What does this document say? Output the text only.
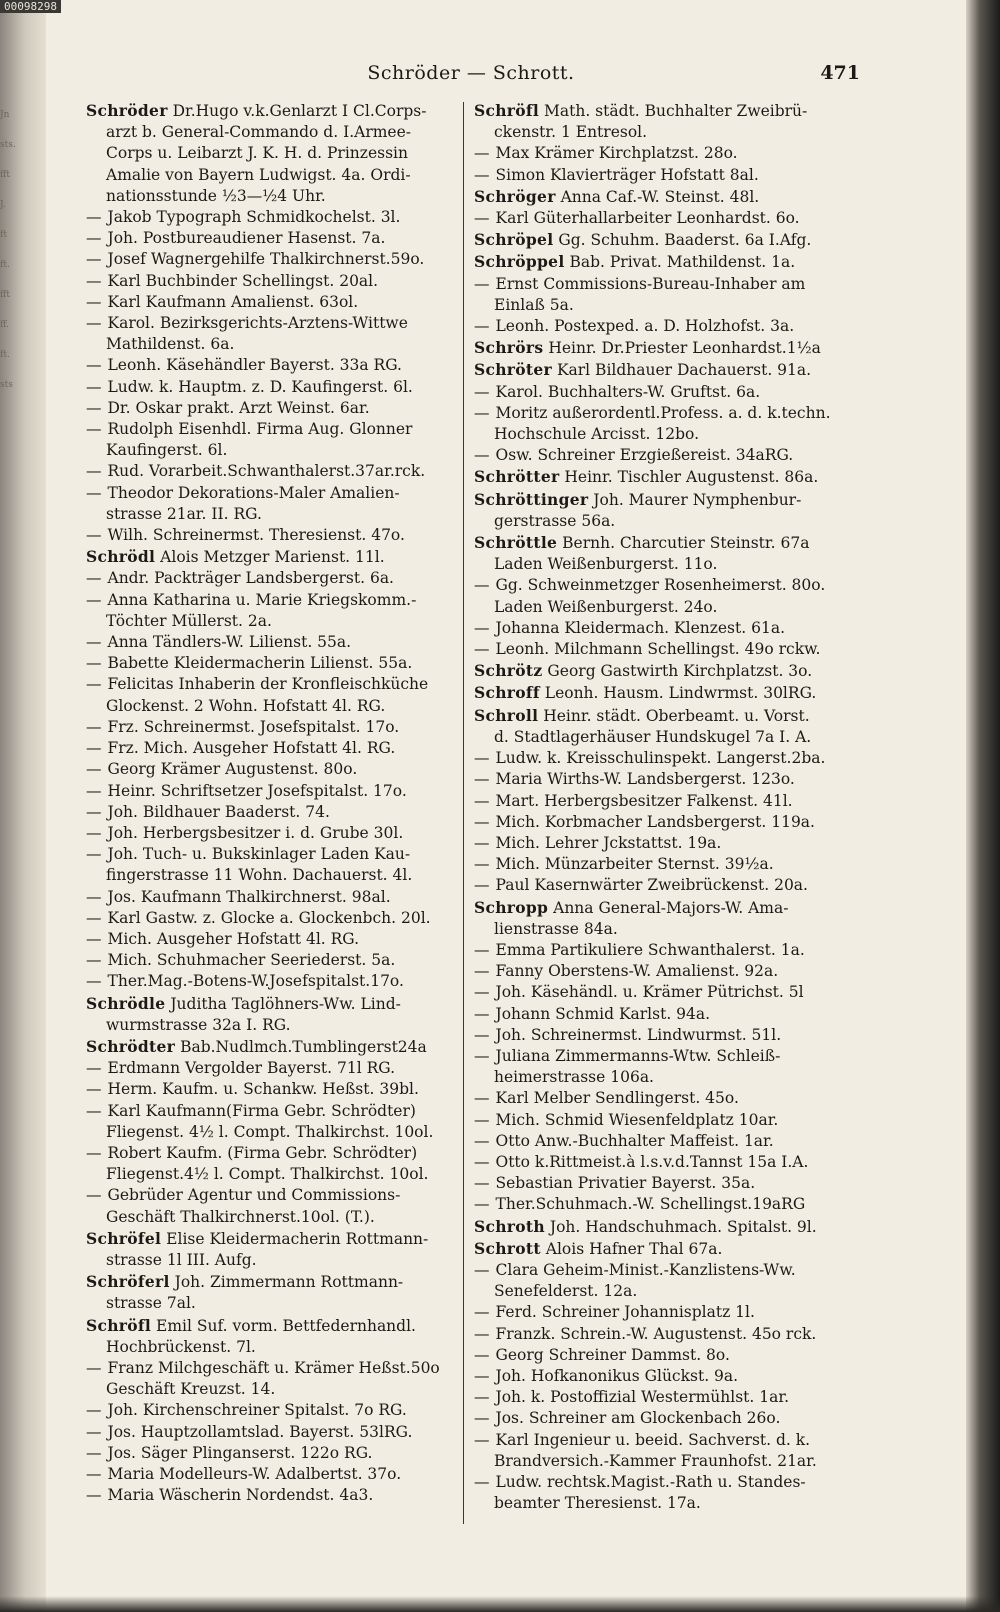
00098298
Jn
sts.
fft
J.
ft
ft.
fft
ff.
ft.
sts
Schröder — Schrott.	471
Schröder Dr.Hugo v.k.Genlarzt I Cl.Corps-
arzt b. General-Commando d. I.Armee-
Corps u. Leibarzt J. K. H. d. Prinzessin
Amalie von Bayern Ludwigst. 4a. Ordi-
nationsstunde ½3—½4 Uhr.
— Jakob Typograph Schmidkochelst. 3l.
— Joh. Postbureaudiener Hasenst. 7a.
— Josef Wagnergehilfe Thalkirchnerst.59o.
— Karl Buchbinder Schellingst. 20al.
— Karl Kaufmann Amalienst. 63ol.
— Karol. Bezirksgerichts-Arztens-Wittwe
Mathildenst. 6a.
— Leonh. Käsehändler Bayerst. 33a RG.
— Ludw. k. Hauptm. z. D. Kaufingerst. 6l.
— Dr. Oskar prakt. Arzt Weinst. 6ar.
— Rudolph Eisenhdl. Firma Aug. Glonner
Kaufingerst. 6l.
— Rud. Vorarbeit.Schwanthalerst.37ar.rck.
— Theodor Dekorations-Maler Amalien-
strasse 21ar. II. RG.
— Wilh. Schreinermst. Theresienst. 47o.
Schrödl Alois Metzger Marienst. 11l.
— Andr. Packträger Landsbergerst. 6a.
— Anna Katharina u. Marie Kriegskomm.-
Töchter Müllerst. 2a.
— Anna Tändlers-W. Lilienst. 55a.
— Babette Kleidermacherin Lilienst. 55a.
— Felicitas Inhaberin der Kronfleischküche
Glockenst. 2 Wohn. Hofstatt 4l. RG.
— Frz. Schreinermst. Josefspitalst. 17o.
— Frz. Mich. Ausgeher Hofstatt 4l. RG.
— Georg Krämer Augustenst. 80o.
— Heinr. Schriftsetzer Josefspitalst. 17o.
— Joh. Bildhauer Baaderst. 74.
— Joh. Herbergsbesitzer i. d. Grube 30l.
— Joh. Tuch- u. Bukskinlager Laden Kau-
fingerstrasse 11 Wohn. Dachauerst. 4l.
— Jos. Kaufmann Thalkirchnerst. 98al.
— Karl Gastw. z. Glocke a. Glockenbch. 20l.
— Mich. Ausgeher Hofstatt 4l. RG.
— Mich. Schuhmacher Seeriederst. 5a.
— Ther.Mag.-Botens-W.Josefspitalst.17o.
Schrödle Juditha Taglöhners-Ww. Lind-
wurmstrasse 32a I. RG.
Schrödter Bab.Nudlmch.Tumblingerst24a
— Erdmann Vergolder Bayerst. 71l RG.
— Herm. Kaufm. u. Schankw. Heßst. 39bl.
— Karl Kaufmann(Firma Gebr. Schrödter)
Fliegenst. 4½ l. Compt. Thalkirchst. 10ol.
— Robert Kaufm. (Firma Gebr. Schrödter)
Fliegenst.4½ l. Compt. Thalkirchst. 10ol.
— Gebrüder Agentur und Commissions-
Geschäft Thalkirchnerst.10ol. (T.).
Schröfel Elise Kleidermacherin Rottmann-
strasse 1l III. Aufg.
Schröferl Joh. Zimmermann Rottmann-
strasse 7al.
Schröfl Emil Suf. vorm. Bettfedernhandl.
Hochbrückenst. 7l.
— Franz Milchgeschäft u. Krämer Heßst.50o
Geschäft Kreuzst. 14.
— Joh. Kirchenschreiner Spitalst. 7o RG.
— Jos. Hauptzollamtslad. Bayerst. 53lRG.
— Jos. Säger Plinganserst. 122o RG.
— Maria Modelleurs-W. Adalbertst. 37o.
— Maria Wäscherin Nordendst. 4a3.
Schröfl Math. städt. Buchhalter Zweibrü-
ckenstr. 1 Entresol.
— Max Krämer Kirchplatzst. 28o.
— Simon Klavierträger Hofstatt 8al.
Schröger Anna Caf.-W. Steinst. 48l.
— Karl Güterhallarbeiter Leonhardst. 6o.
Schröpel Gg. Schuhm. Baaderst. 6a I.Afg.
Schröppel Bab. Privat. Mathildenst. 1a.
— Ernst Commissions-Bureau-Inhaber am
Einlaß 5a.
— Leonh. Postexped. a. D. Holzhofst. 3a.
Schrörs Heinr. Dr.Priester Leonhardst.1½a
Schröter Karl Bildhauer Dachauerst. 91a.
— Karol. Buchhalters-W. Gruftst. 6a.
— Moritz außerordentl.Profess. a. d. k.techn.
Hochschule Arcisst. 12bo.
— Osw. Schreiner Erzgießereist. 34aRG.
Schrötter Heinr. Tischler Augustenst. 86a.
Schröttinger Joh. Maurer Nymphenbur-
gerstrasse 56a.
Schröttle Bernh. Charcutier Steinstr. 67a
Laden Weißenburgerst. 11o.
— Gg. Schweinmetzger Rosenheimerst. 80o.
Laden Weißenburgerst. 24o.
— Johanna Kleidermach. Klenzest. 61a.
— Leonh. Milchmann Schellingst. 49o rckw.
Schrötz Georg Gastwirth Kirchplatzst. 3o.
Schroff Leonh. Hausm. Lindwrmst. 30lRG.
Schroll Heinr. städt. Oberbeamt. u. Vorst.
d. Stadtlagerhäuser Hundskugel 7a I. A.
— Ludw. k. Kreisschulinspekt. Langerst.2ba.
— Maria Wirths-W. Landsbergerst. 123o.
— Mart. Herbergsbesitzer Falkenst. 41l.
— Mich. Korbmacher Landsbergerst. 119a.
— Mich. Lehrer Jckstattst. 19a.
— Mich. Münzarbeiter Sternst. 39½a.
— Paul Kasernwärter Zweibrückenst. 20a.
Schropp Anna General-Majors-W. Ama-
lienstrasse 84a.
— Emma Partikuliere Schwanthalerst. 1a.
— Fanny Oberstens-W. Amalienst. 92a.
— Joh. Käsehändl. u. Krämer Pütrichst. 5l
— Johann Schmid Karlst. 94a.
— Joh. Schreinermst. Lindwurmst. 51l.
— Juliana Zimmermanns-Wtw. Schleiß-
heimerstrasse 106a.
— Karl Melber Sendlingerst. 45o.
— Mich. Schmid Wiesenfeldplatz 10ar.
— Otto Anw.-Buchhalter Maffeist. 1ar.
— Otto k.Rittmeist.à l.s.v.d.Tannst 15a I.A.
— Sebastian Privatier Bayerst. 35a.
— Ther.Schuhmach.-W. Schellingst.19aRG
Schroth Joh. Handschuhmach. Spitalst. 9l.
Schrott Alois Hafner Thal 67a.
— Clara Geheim-Minist.-Kanzlistens-Ww.
Senefelderst. 12a.
— Ferd. Schreiner Johannisplatz 1l.
— Franzk. Schrein.-W. Augustenst. 45o rck.
— Georg Schreiner Dammst. 8o.
— Joh. Hofkanonikus Glückst. 9a.
— Joh. k. Postoffizial Westermühlst. 1ar.
— Jos. Schreiner am Glockenbach 26o.
— Karl Ingenieur u. beeid. Sachverst. d. k.
Brandversich.-Kammer Fraunhofst. 21ar.
— Ludw. rechtsk.Magist.-Rath u. Standes-
beamter Theresienst. 17a.
